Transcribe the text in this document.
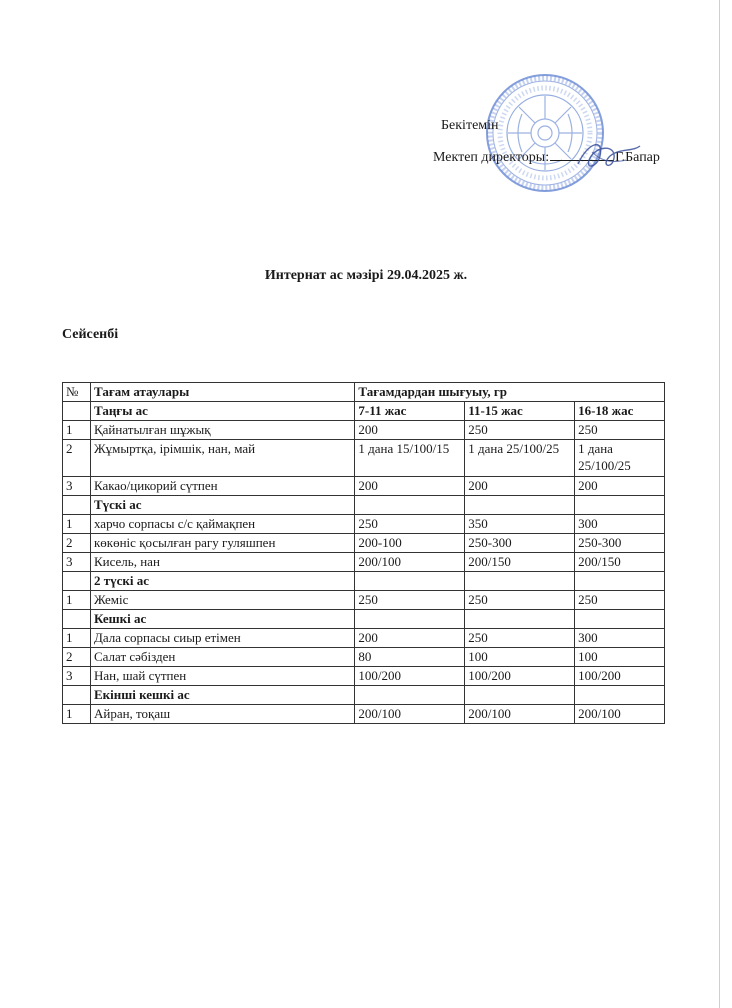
Бекітемін
Мектеп директоры:	Г.Бапар
Интернат ас мәзірі 29.04.2025 ж.
Сейсенбі
№	Тағам атаулары	Тағамдардан шығуыу, гр		
	Таңғы ас	7-11 жас	11-15 жас	16-18 жас
1	Қайнатылған шұжық	200	250	250
2	Жұмыртқа, ірімшік, нан, май	1 дана 15/100/15	1 дана 25/100/25	1 дана 25/100/25
3	Какао/цикорий сүтпен	200	200	200
	Түскі ас			
1	харчо сорпасы с/с қаймақпен	250	350	300
2	көкөніс қосылған рагу гуляшпен	200-100	250-300	250-300
3	Кисель, нан	200/100	200/150	200/150
	2 түскі ас			
1	Жеміс	250	250	250
	Кешкі ас			
1	Дала сорпасы сиыр етімен	200	250	300
2	Салат сәбізден	80	100	100
3	Нан, шай сүтпен	100/200	100/200	100/200
	Екінші кешкі ас			
1	Айран, тоқаш	200/100	200/100	200/100
